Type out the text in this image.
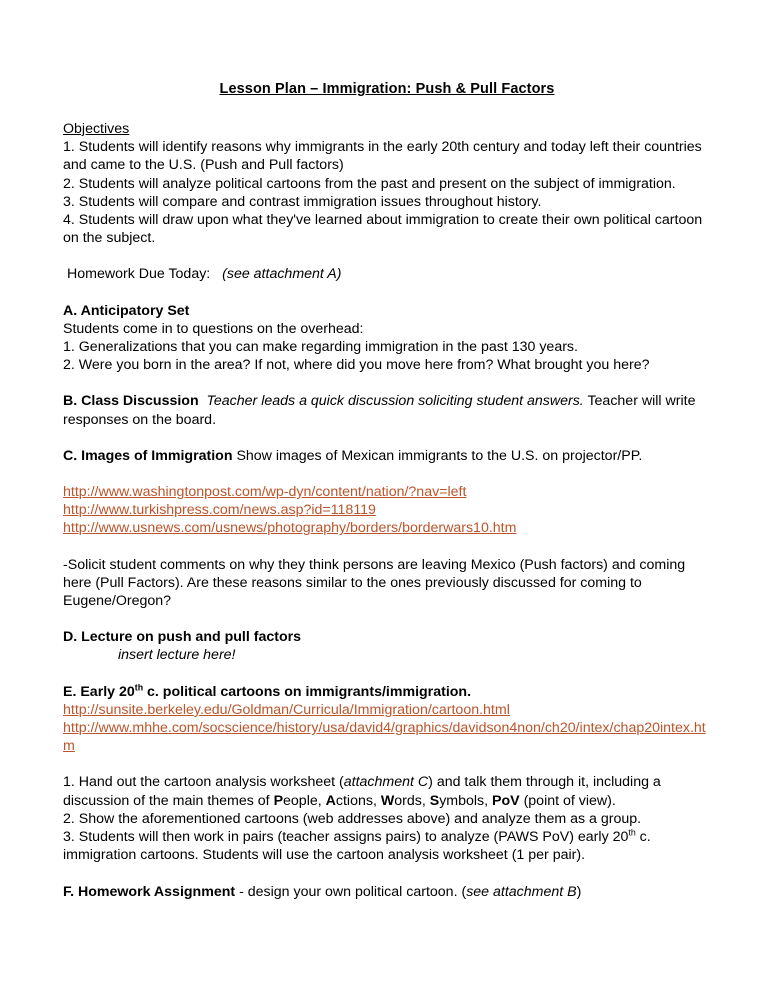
Lesson Plan – Immigration: Push & Pull Factors
Objectives
1. Students will identify reasons why immigrants in the early 20th century and today left their countries and came to the U.S. (Push and Pull factors)
2. Students will analyze political cartoons from the past and present on the subject of immigration.
3. Students will compare and contrast immigration issues throughout history.
4. Students will draw upon what they've learned about immigration to create their own political cartoon on the subject.
Homework Due Today: (see attachment A)
A. Anticipatory Set
Students come in to questions on the overhead:
1. Generalizations that you can make regarding immigration in the past 130 years.
2. Were you born in the area? If not, where did you move here from? What brought you here?
B. Class Discussion Teacher leads a quick discussion soliciting student answers. Teacher will write responses on the board.
C. Images of Immigration Show images of Mexican immigrants to the U.S. on projector/PP.
http://www.washingtonpost.com/wp-dyn/content/nation/?nav=left
http://www.turkishpress.com/news.asp?id=118119
http://www.usnews.com/usnews/photography/borders/borderwars10.htm
-Solicit student comments on why they think persons are leaving Mexico (Push factors) and coming here (Pull Factors). Are these reasons similar to the ones previously discussed for coming to Eugene/Oregon?
D. Lecture on push and pull factors
insert lecture here!
E. Early 20th c. political cartoons on immigrants/immigration.
http://sunsite.berkeley.edu/Goldman/Curricula/Immigration/cartoon.html
http://www.mhhe.com/socscience/history/usa/david4/graphics/davidson4non/ch20/intex/chap20intex.htm
1. Hand out the cartoon analysis worksheet (attachment C) and talk them through it, including a discussion of the main themes of People, Actions, Words, Symbols, PoV (point of view).
2. Show the aforementioned cartoons (web addresses above) and analyze them as a group.
3. Students will then work in pairs (teacher assigns pairs) to analyze (PAWS PoV) early 20th c. immigration cartoons. Students will use the cartoon analysis worksheet (1 per pair).
F. Homework Assignment - design your own political cartoon. (see attachment B)
